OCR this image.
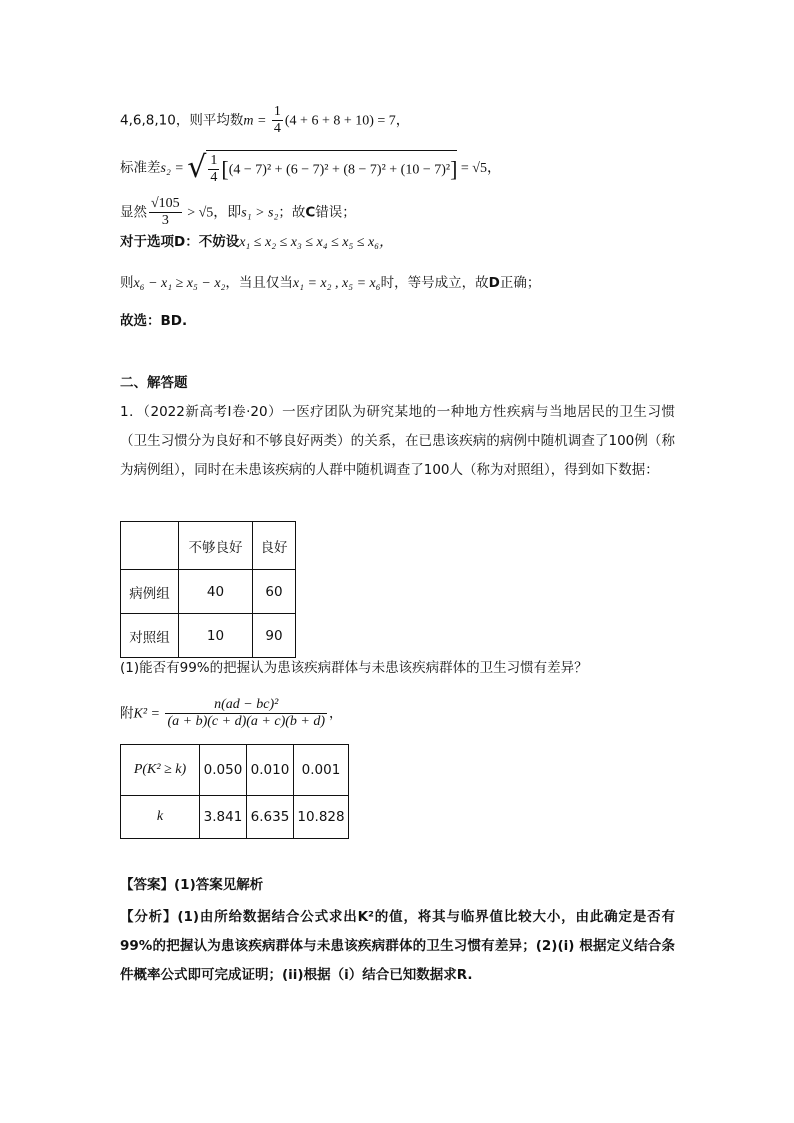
4,6,8,10，则平均数$m = \frac{1}{4} (4 + 6 + 8 + 10) = 7$，
标准差s₂ = √ $\frac{1}{4} [(4 - 7)^2 + (6 - 7)^2 + (8 - 7)^2 + (10 - 7)^2] = √5$，
显然 $\frac{√105}{3} > √5$，即s₁ > s₂；故C错误；
对于选项D：不妨设x₁ ≤ x₂ ≤ x₃ ≤ x₄ ≤ x₅ ≤ x₆，
则x₆ − x₁ ≥ x₅ − x₂，当且仅当x₁ = x₂ , x₅ = x₆时，等号成立，故D正确；
故选：BD.
二、解答题
1．（2022新高考Ⅰ卷·20）一医疗团队为研究某地的一种地方性疾病与当地居民的卫生习惯（卫生习惯分为良好和不够良好两类）的关系，在已患该疾病的病例中随机调查了100例（称为病例组），同时在未患该疾病的人群中随机调查了100人（称为对照组），得到如下数据：
	不够良好	良好
病例组	40	60
对照组	10	90
(1)能否有99%的把握认为患该疾病群体与未患该疾病群体的卫生习惯有差异？
附$K^2 = \frac{\text{n(ad − bc)²}}{(a + b)(c + d)(a + c)(b + d)}$ ，
P(K² ≥ k)	0.050	0.010	0.001
k	3.841	6.635	10.828
【答案】(1)答案见解析
【分析】(1)由所给数据结合公式求出K²的值，将其与临界值比较大小，由此确定是否有99%的把握认为患该疾病群体与未患该疾病群体的卫生习惯有差异；(2)(i) 根据定义结合条件概率公式即可完成证明；(ii)根据（i）结合已知数据求R.
